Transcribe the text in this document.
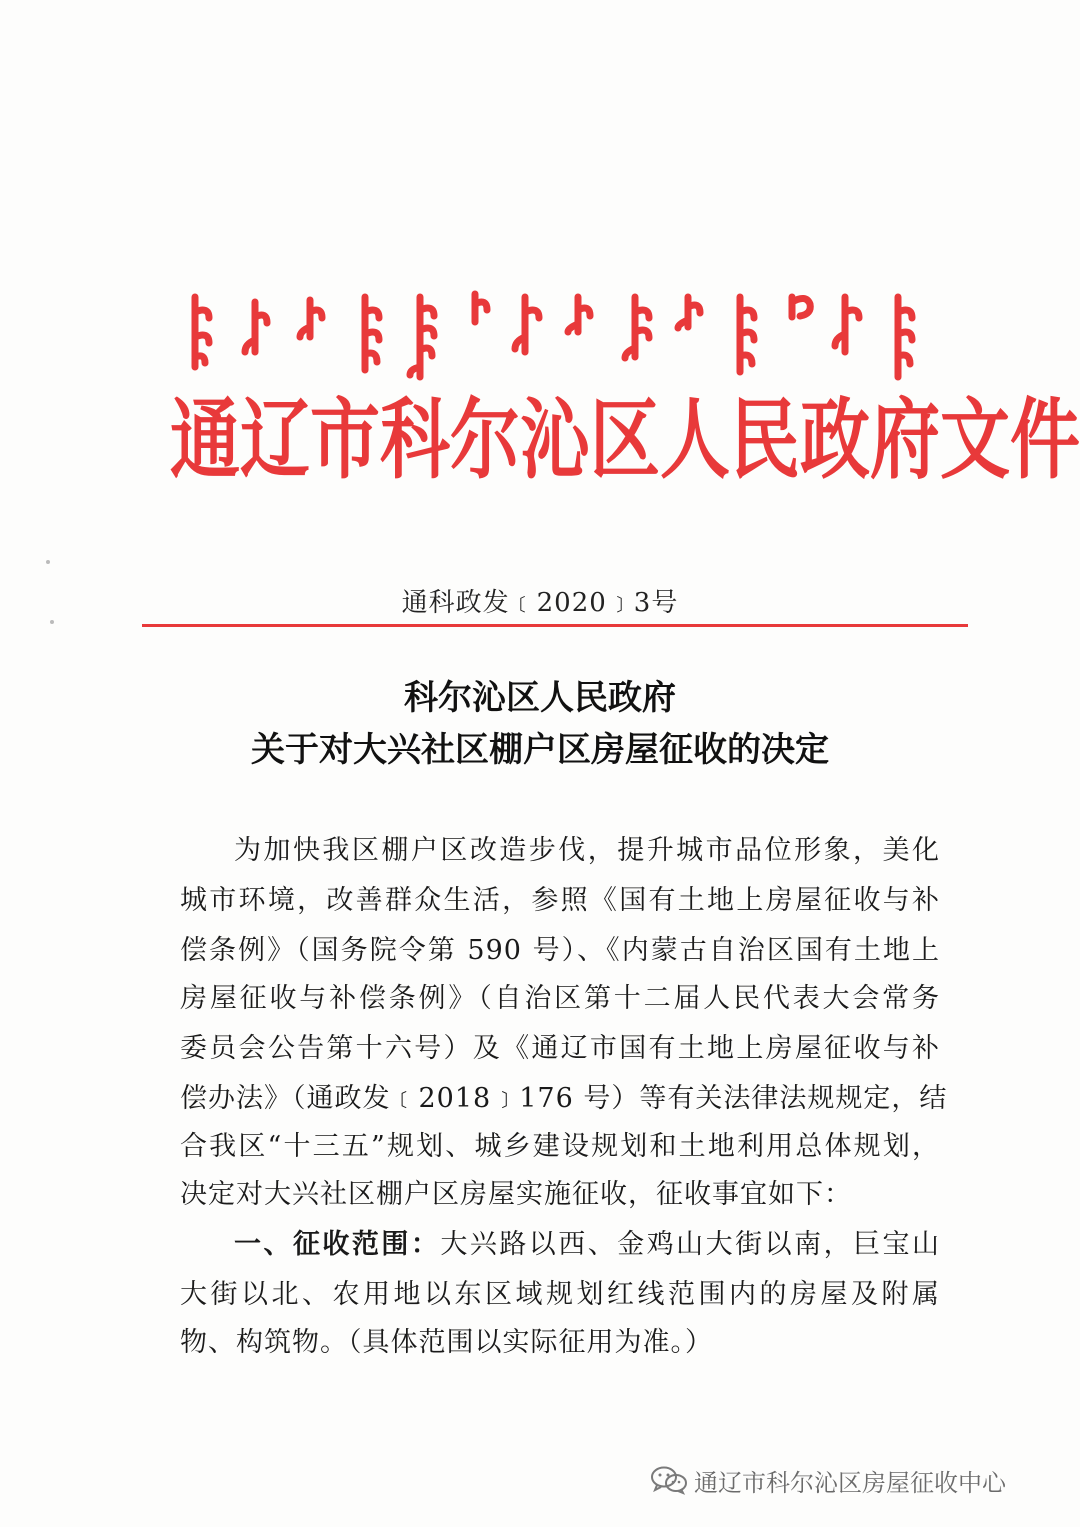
通辽市科尔沁区人民政府文件
通科政发﹝2020﹞3号
科尔沁区人民政府
关于对大兴社区棚户区房屋征收的决定
为加快我区棚户区改造步伐，提升城市品位形象，美化
城市环境，改善群众生活，参照《国有土地上房屋征收与补
偿条例》（国务院令第 590 号）、《内蒙古自治区国有土地上
房屋征收与补偿条例》（自治区第十二届人民代表大会常务
委员会公告第十六号）及《通辽市国有土地上房屋征收与补
偿办法》（通政发﹝2018﹞176 号）等有关法律法规规定，结
合我区“十三五”规划、城乡建设规划和土地利用总体规划，
决定对大兴社区棚户区房屋实施征收，征收事宜如下：
一、征收范围：大兴路以西、金鸡山大街以南，巨宝山
大街以北、农用地以东区域规划红线范围内的房屋及附属
物、构筑物。（具体范围以实际征用为准。）
通辽市科尔沁区房屋征收中心
